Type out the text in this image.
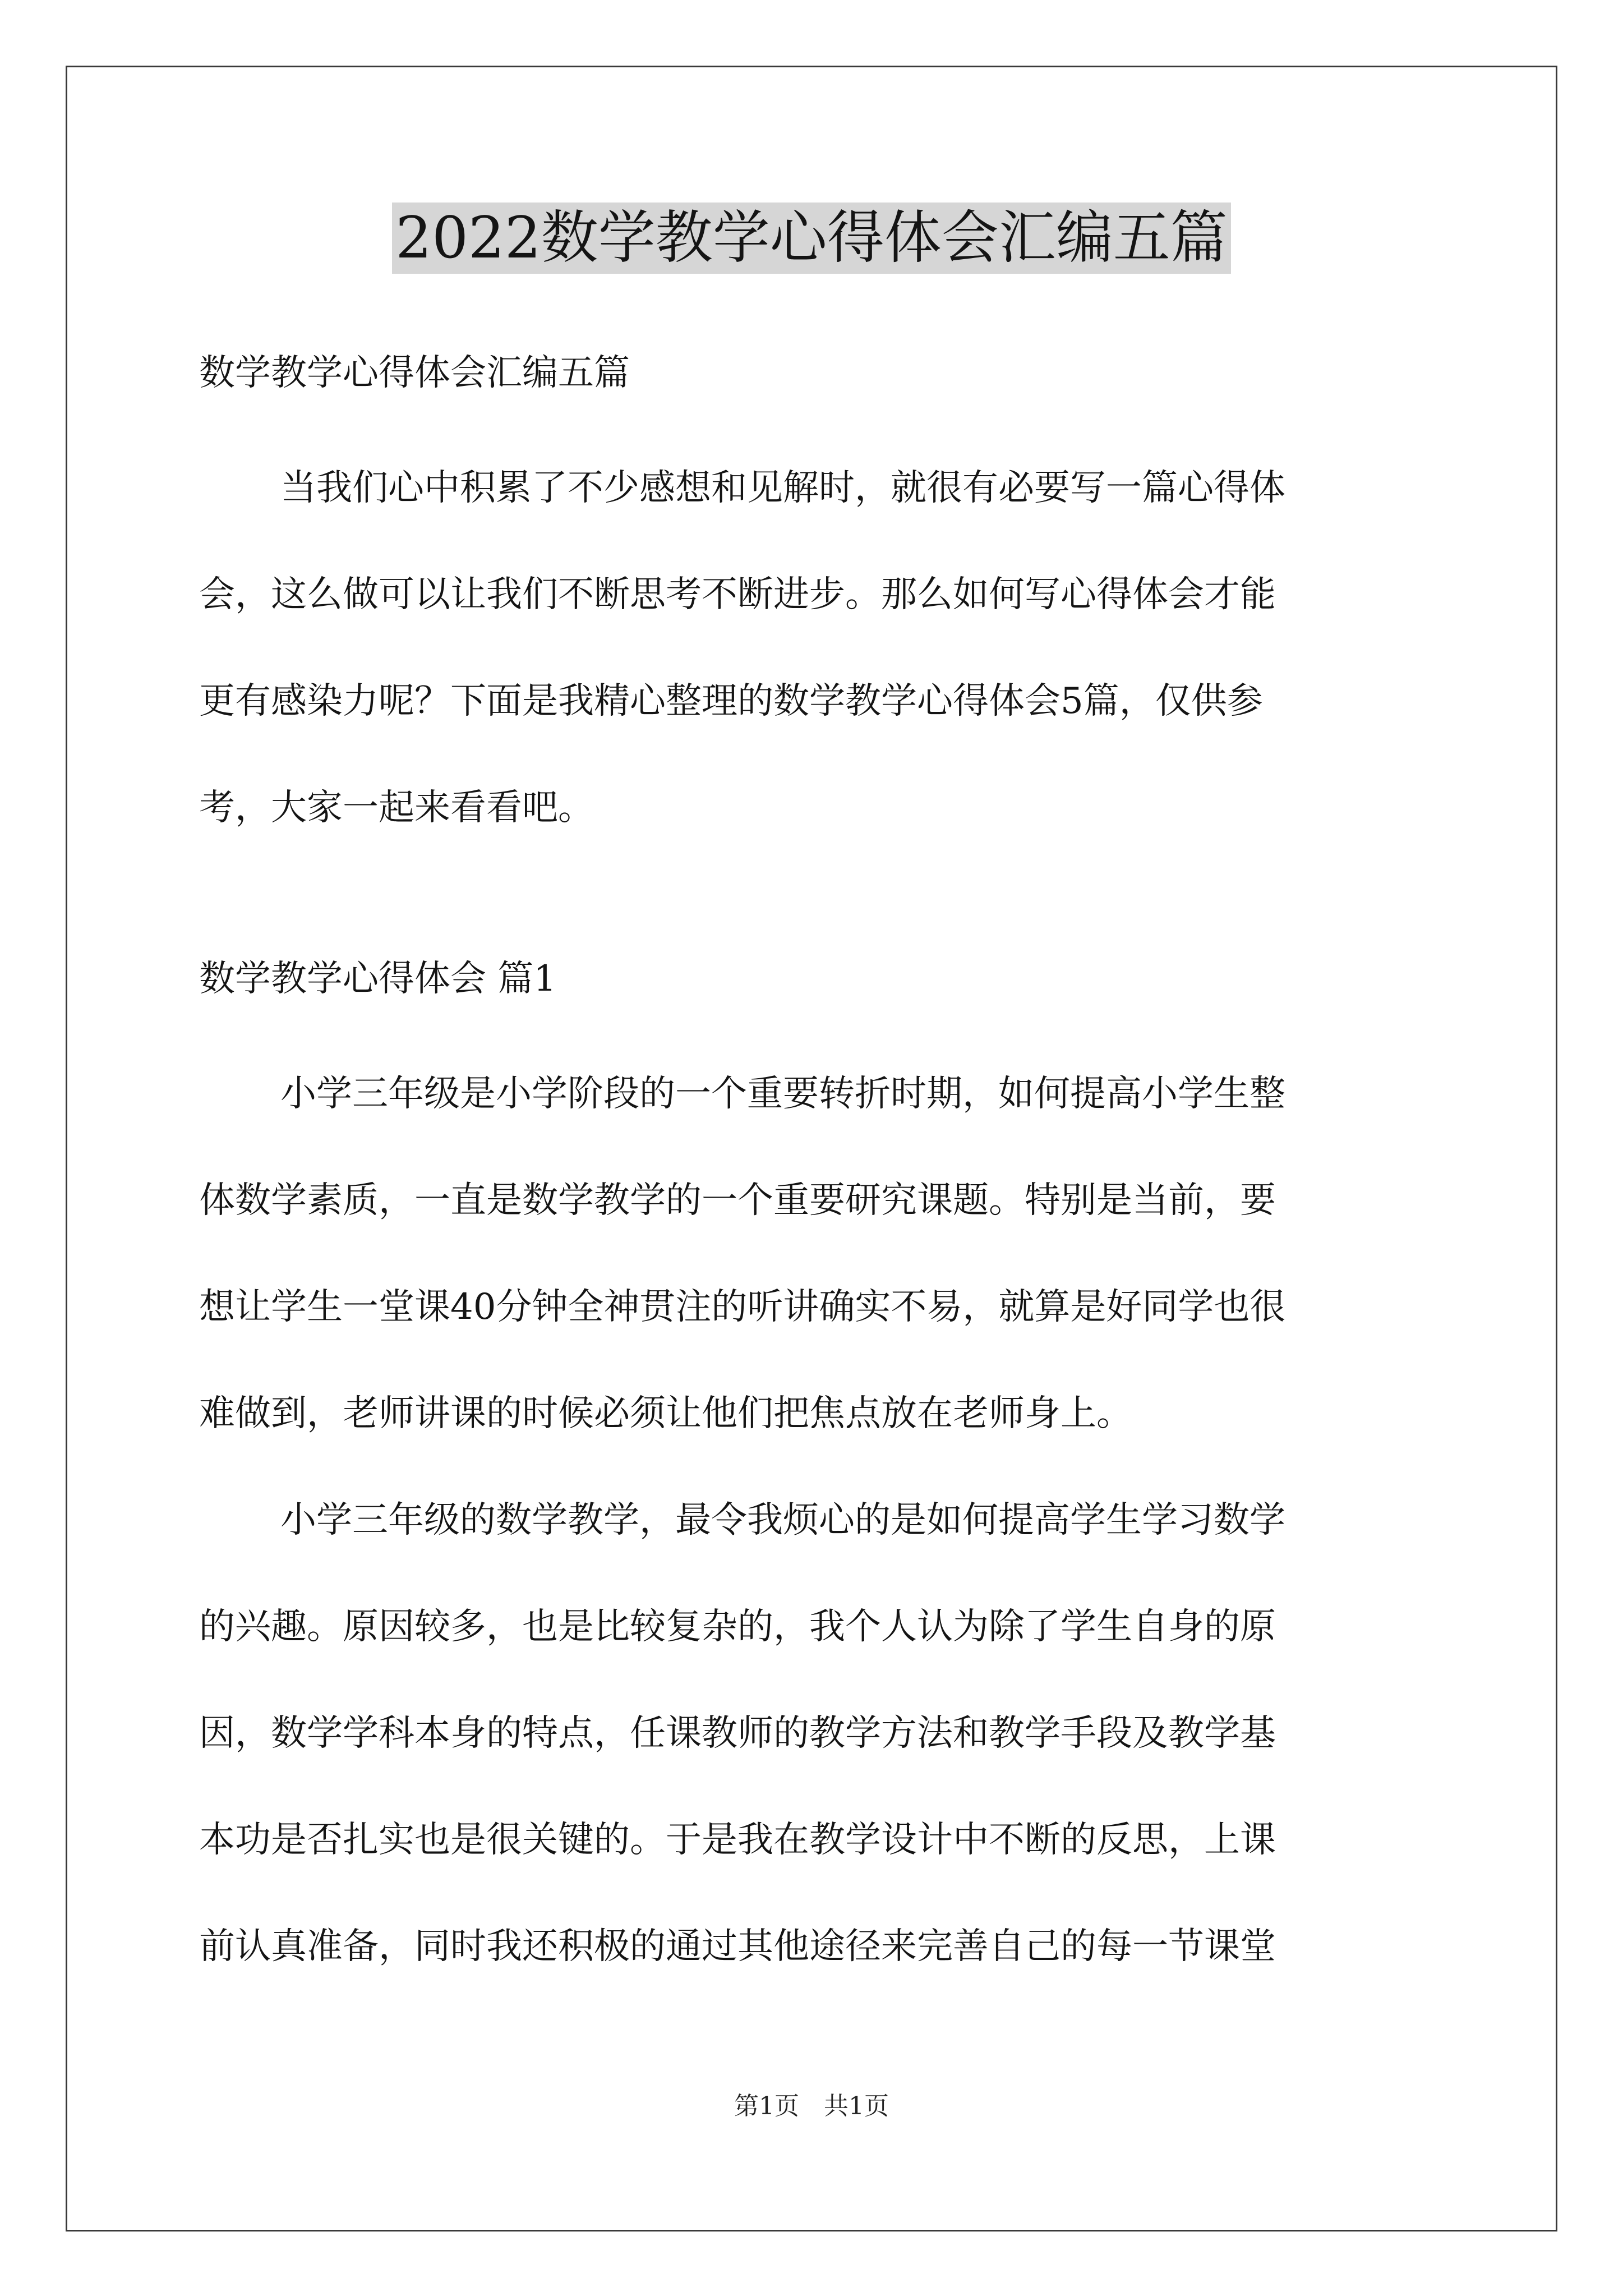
2022数学教学心得体会汇编五篇
数学教学心得体会汇编五篇
当我们心中积累了不少感想和见解时，就很有必要写一篇心得体
会，这么做可以让我们不断思考不断进步。那么如何写心得体会才能
更有感染力呢？下面是我精心整理的数学教学心得体会5篇，仅供参
考，大家一起来看看吧。
数学教学心得体会 篇1
小学三年级是小学阶段的一个重要转折时期，如何提高小学生整
体数学素质，一直是数学教学的一个重要研究课题。特别是当前，要
想让学生一堂课40分钟全神贯注的听讲确实不易，就算是好同学也很
难做到，老师讲课的时候必须让他们把焦点放在老师身上。
小学三年级的数学教学，最令我烦心的是如何提高学生学习数学
的兴趣。原因较多，也是比较复杂的，我个人认为除了学生自身的原
因，数学学科本身的特点，任课教师的教学方法和教学手段及教学基
本功是否扎实也是很关键的。于是我在教学设计中不断的反思，上课
前认真准备，同时我还积极的通过其他途径来完善自己的每一节课堂
第1页　共1页
